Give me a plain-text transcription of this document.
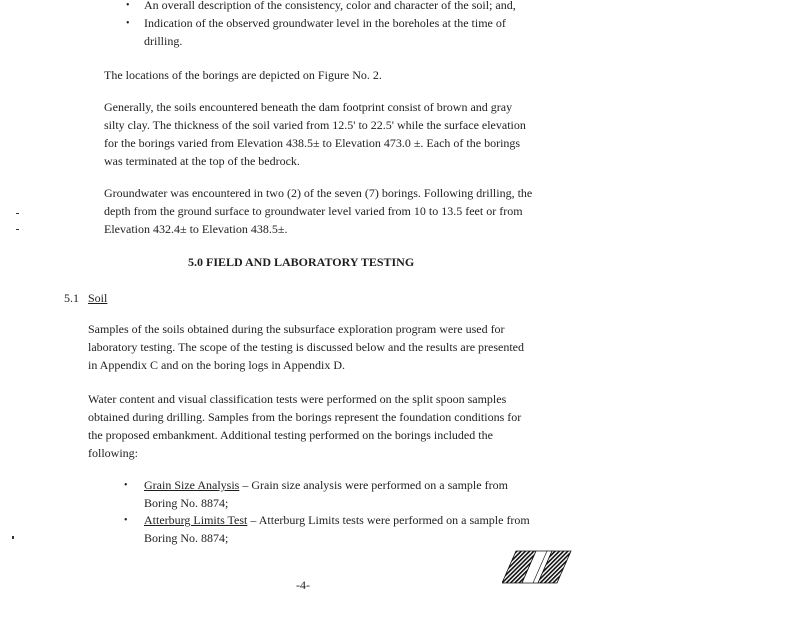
• An overall description of the consistency, color and character of the soil; and,
• Indication of the observed groundwater level in the boreholes at the time of
drilling.
The locations of the borings are depicted on Figure No. 2.
Generally, the soils encountered beneath the dam footprint consist of brown and gray
silty clay. The thickness of the soil varied from 12.5' to 22.5' while the surface elevation
for the borings varied from Elevation 438.5± to Elevation 473.0 ±. Each of the borings
was terminated at the top of the bedrock.
Groundwater was encountered in two (2) of the seven (7) borings. Following drilling, the
depth from the ground surface to groundwater level varied from 10 to 13.5 feet or from
Elevation 432.4± to Elevation 438.5±.
5.0 FIELD AND LABORATORY TESTING
5.1 Soil
Samples of the soils obtained during the subsurface exploration program were used for
laboratory testing. The scope of the testing is discussed below and the results are presented
in Appendix C and on the boring logs in Appendix D.
Water content and visual classification tests were performed on the split spoon samples
obtained during drilling. Samples from the borings represent the foundation conditions for
the proposed embankment. Additional testing performed on the borings included the
following:
• Grain Size Analysis – Grain size analysis were performed on a sample from
Boring No. 8874;
• Atterburg Limits Test – Atterburg Limits tests were performed on a sample from
Boring No. 8874;
-4-
